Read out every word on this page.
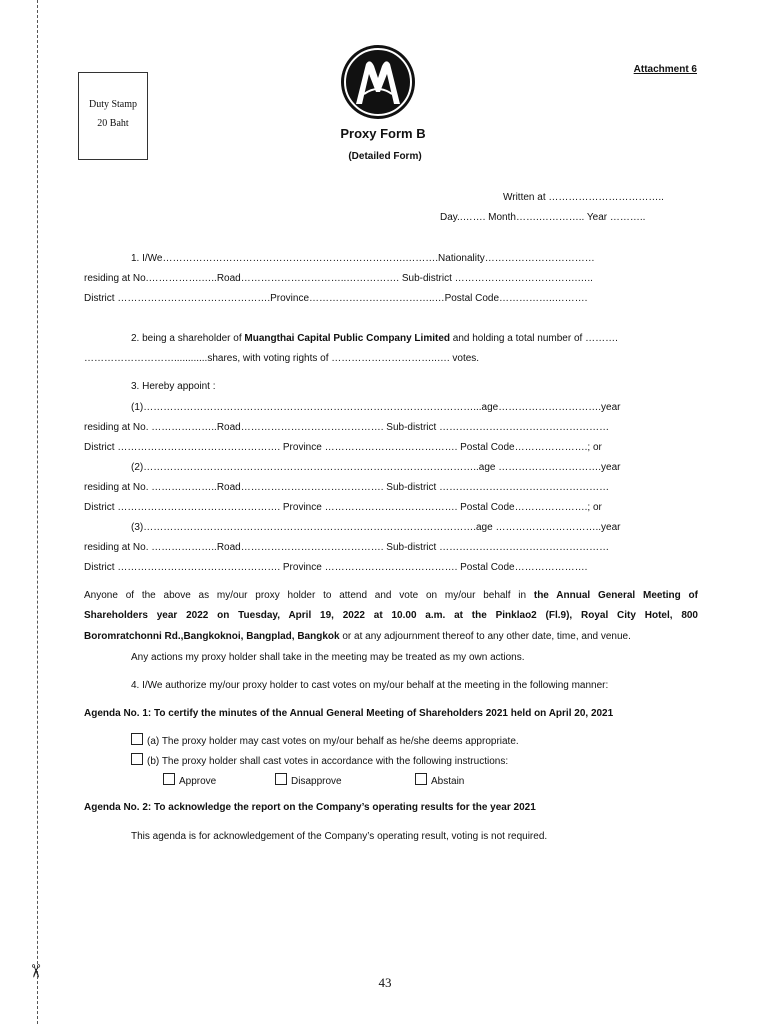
✂
Duty Stamp
20 Baht
Attachment 6
Proxy Form B
(Detailed Form)
Written at ……………………………..
Day..……. Month…….………….. Year ………..
1. I/We……………………………………………………………….……….Nationality……………………………
residing at No.…………….…..Road…………………………..……………. Sub-district ……………………………….…..
District ……………………………………….Province………………………………..…Postal Code……………..……….
2. being a shareholder of Muangthai Capital Public Company Limited and holding a total number of ……….
………………………............shares, with voting rights of …………………………..…. votes.
3. Hereby appoint :
(1)………………………………………………………………………………………...age………………………….year
residing at No. ………………..Road……………………………………. Sub-district ……………………………………………
District …………………………………………. Province …………………………………. Postal Code………………….; or
(2)………………………………………………………………………………………..age ………………………….year
residing at No. ………………..Road……………………………………. Sub-district ……………………………………………
District …………………………………………. Province …………………………………. Postal Code………………….; or
(3)……………………………………………………………………………………….age …………………………..year
residing at No. ………………..Road……………………………………. Sub-district ……………………………………………
District …………………………………………. Province …………………………………. Postal Code………………….
Anyone of the above as my/our proxy holder to attend and vote on my/our behalf in the Annual General Meeting of
Shareholders year 2022 on Tuesday, April 19, 2022 at 10.00 a.m. at the Pinklao2 (Fl.9), Royal City Hotel, 800
Boromratchonni Rd.,Bangkoknoi, Bangplad, Bangkok or at any adjournment thereof to any other date, time, and venue.
Any actions my proxy holder shall take in the meeting may be treated as my own actions.
4. I/We authorize my/our proxy holder to cast votes on my/our behalf at the meeting in the following manner:
Agenda No. 1: To certify the minutes of the Annual General Meeting of Shareholders 2021 held on April 20, 2021
(a) The proxy holder may cast votes on my/our behalf as he/she deems appropriate.
(b) The proxy holder shall cast votes in accordance with the following instructions:
Approve	Disapprove	Abstain
Agenda No. 2: To acknowledge the report on the Company’s operating results for the year 2021
This agenda is for acknowledgement of the Company’s operating result, voting is not required.
43
